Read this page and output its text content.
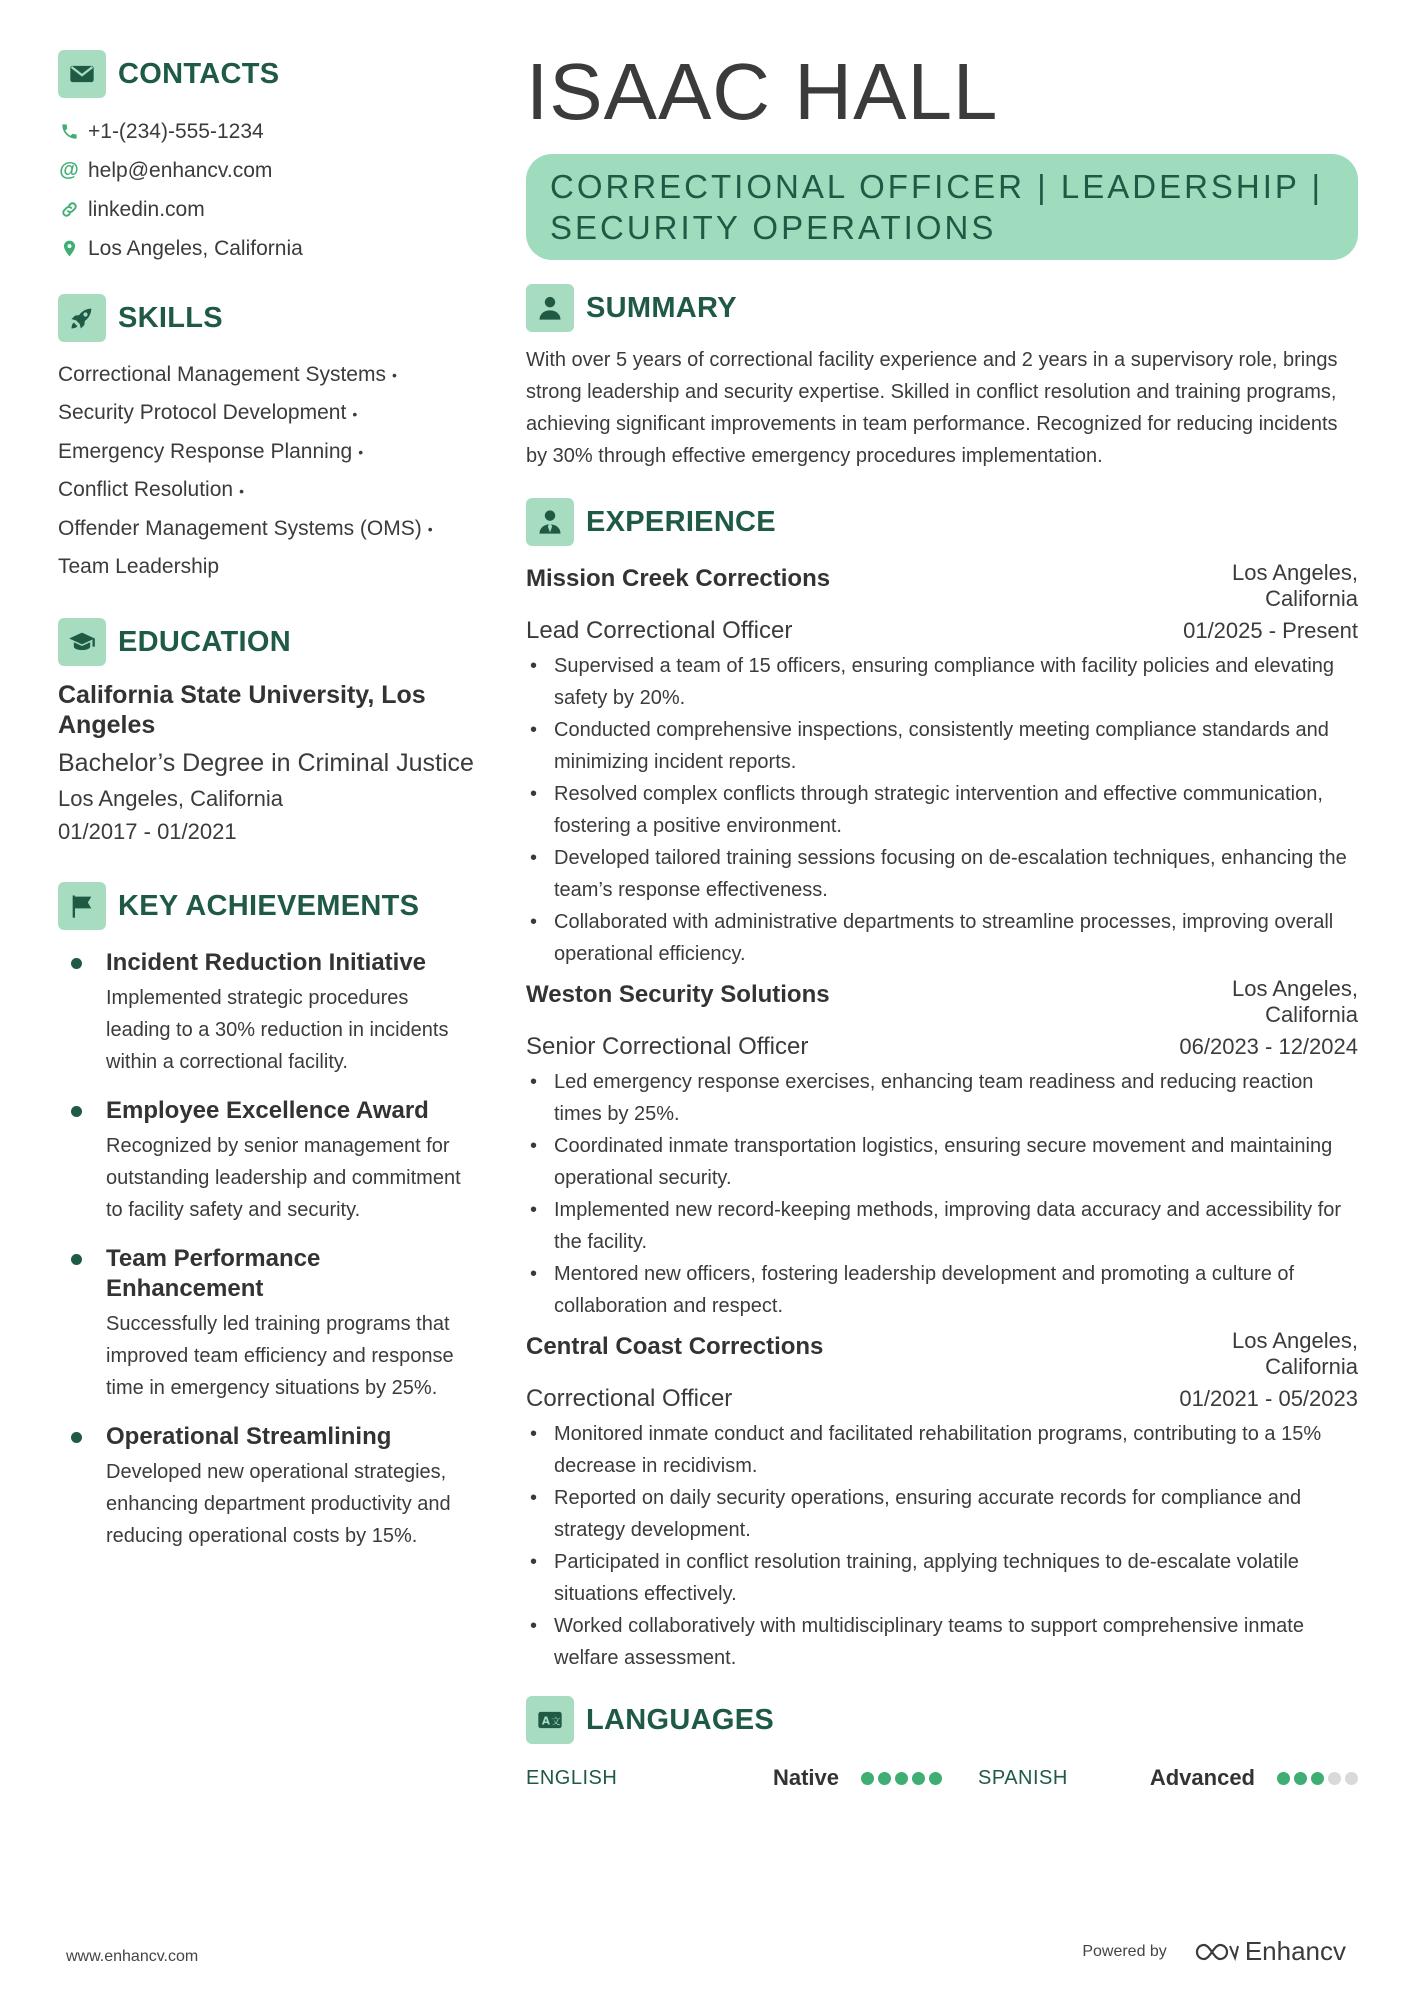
CONTACTS
+1-(234)-555-1234
@ help@enhancv.com
linkedin.com
Los Angeles, California
SKILLS
Correctional Management Systems •
Security Protocol Development •
Emergency Response Planning •
Conflict Resolution •
Offender Management Systems (OMS) •
Team Leadership
EDUCATION
California State University, Los Angeles
Bachelor’s Degree in Criminal Justice
Los Angeles, California
01/2017 - 01/2021
KEY ACHIEVEMENTS
Incident Reduction Initiative
Implemented strategic procedures leading to a 30% reduction in incidents within a correctional facility.
Employee Excellence Award
Recognized by senior management for outstanding leadership and commitment to facility safety and security.
Team Performance Enhancement
Successfully led training programs that improved team efficiency and response time in emergency situations by 25%.
Operational Streamlining
Developed new operational strategies, enhancing department productivity and reducing operational costs by 15%.
ISAAC HALL
CORRECTIONAL OFFICER | LEADERSHIP |
SECURITY OPERATIONS
SUMMARY
With over 5 years of correctional facility experience and 2 years in a supervisory role, brings strong leadership and security expertise. Skilled in conflict resolution and training programs, achieving significant improvements in team performance. Recognized for reducing incidents by 30% through effective emergency procedures implementation.
EXPERIENCE
Mission Creek Corrections	Los Angeles,
California
Lead Correctional Officer	01/2025 - Present
• Supervised a team of 15 officers, ensuring compliance with facility policies and elevating safety by 20%.
• Conducted comprehensive inspections, consistently meeting compliance standards and minimizing incident reports.
• Resolved complex conflicts through strategic intervention and effective communication, fostering a positive environment.
• Developed tailored training sessions focusing on de-escalation techniques, enhancing the team’s response effectiveness.
• Collaborated with administrative departments to streamline processes, improving overall operational efficiency.
Weston Security Solutions	Los Angeles,
California
Senior Correctional Officer	06/2023 - 12/2024
• Led emergency response exercises, enhancing team readiness and reducing reaction times by 25%.
• Coordinated inmate transportation logistics, ensuring secure movement and maintaining operational security.
• Implemented new record-keeping methods, improving data accuracy and accessibility for the facility.
• Mentored new officers, fostering leadership development and promoting a culture of collaboration and respect.
Central Coast Corrections	Los Angeles,
California
Correctional Officer	01/2021 - 05/2023
• Monitored inmate conduct and facilitated rehabilitation programs, contributing to a 15% decrease in recidivism.
• Reported on daily security operations, ensuring accurate records for compliance and strategy development.
• Participated in conflict resolution training, applying techniques to de-escalate volatile situations effectively.
• Worked collaboratively with multidisciplinary teams to support comprehensive inmate welfare assessment.
A 文 LANGUAGES
ENGLISH	Native	SPANISH	Advanced
www.enhancv.com	Powered by	Enhancv
